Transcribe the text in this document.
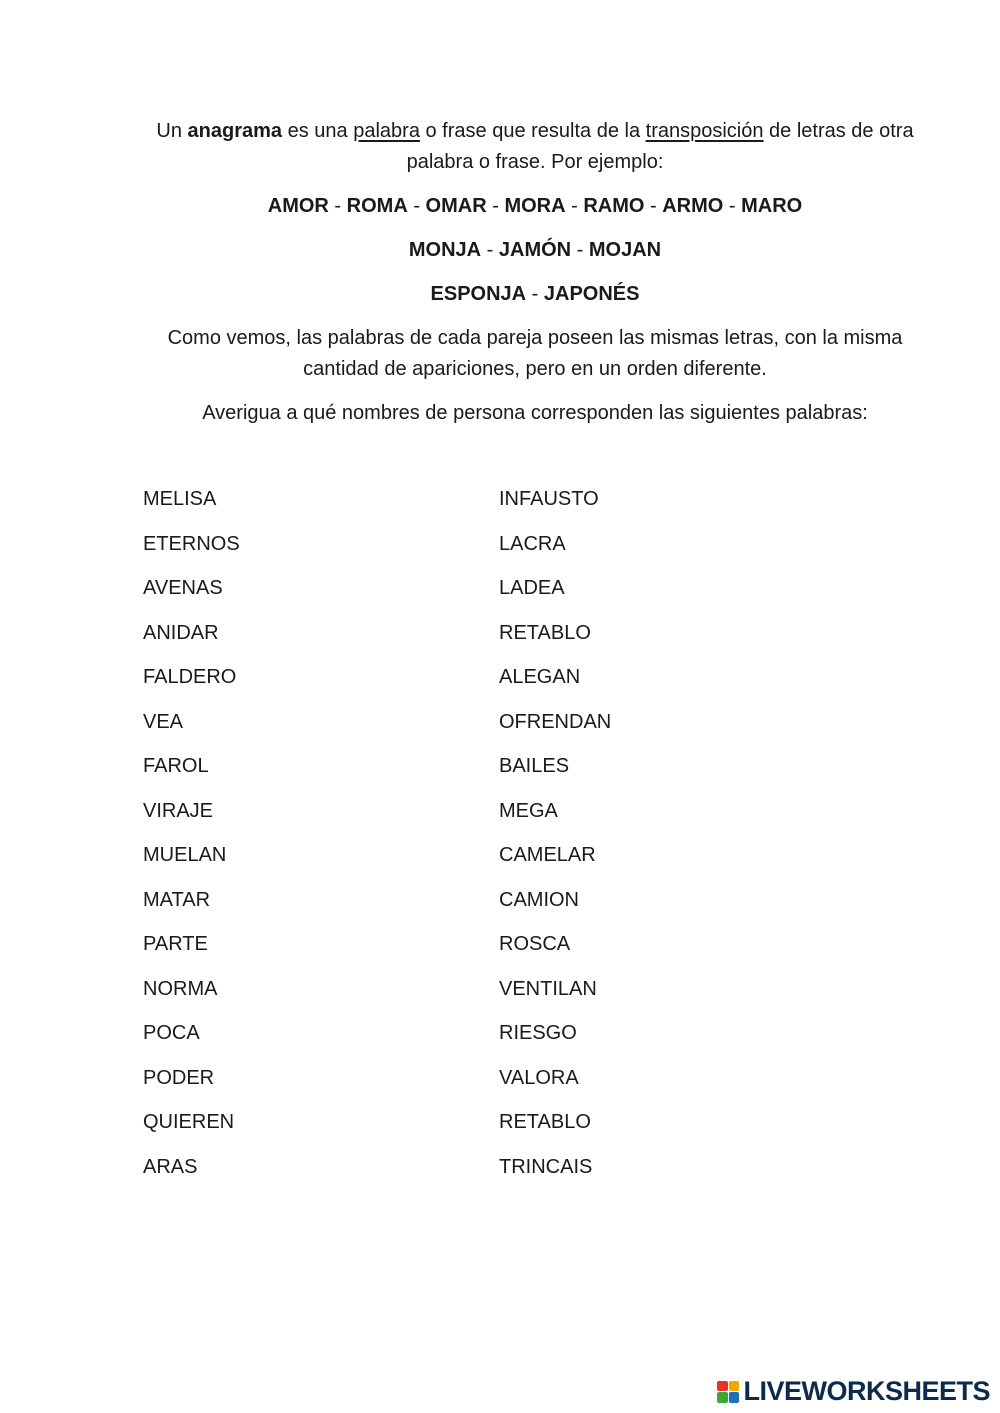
Un anagrama es una palabra o frase que resulta de la transposición de letras de otra palabra o frase. Por ejemplo:

AMOR - ROMA - OMAR - MORA - RAMO - ARMO - MARO

MONJA - JAMÓN - MOJAN

ESPONJA - JAPONÉS

Como vemos, las palabras de cada pareja poseen las mismas letras, con la misma cantidad de apariciones, pero en un orden diferente.

Averigua a qué nombres de persona corresponden las siguientes palabras:

MELISA
ETERNOS
AVENAS
ANIDAR
FALDERO
VEA
FAROL
VIRAJE
MUELAN
MATAR
PARTE
NORMA
POCA
PODER
QUIEREN
ARAS
INFAUSTO
LACRA
LADEA
RETABLO
ALEGAN
OFRENDAN
BAILES
MEGA
CAMELAR
CAMION
ROSCA
VENTILAN
RIESGO
VALORA
RETABLO
TRINCAIS
LIVEWORKSHEETS
